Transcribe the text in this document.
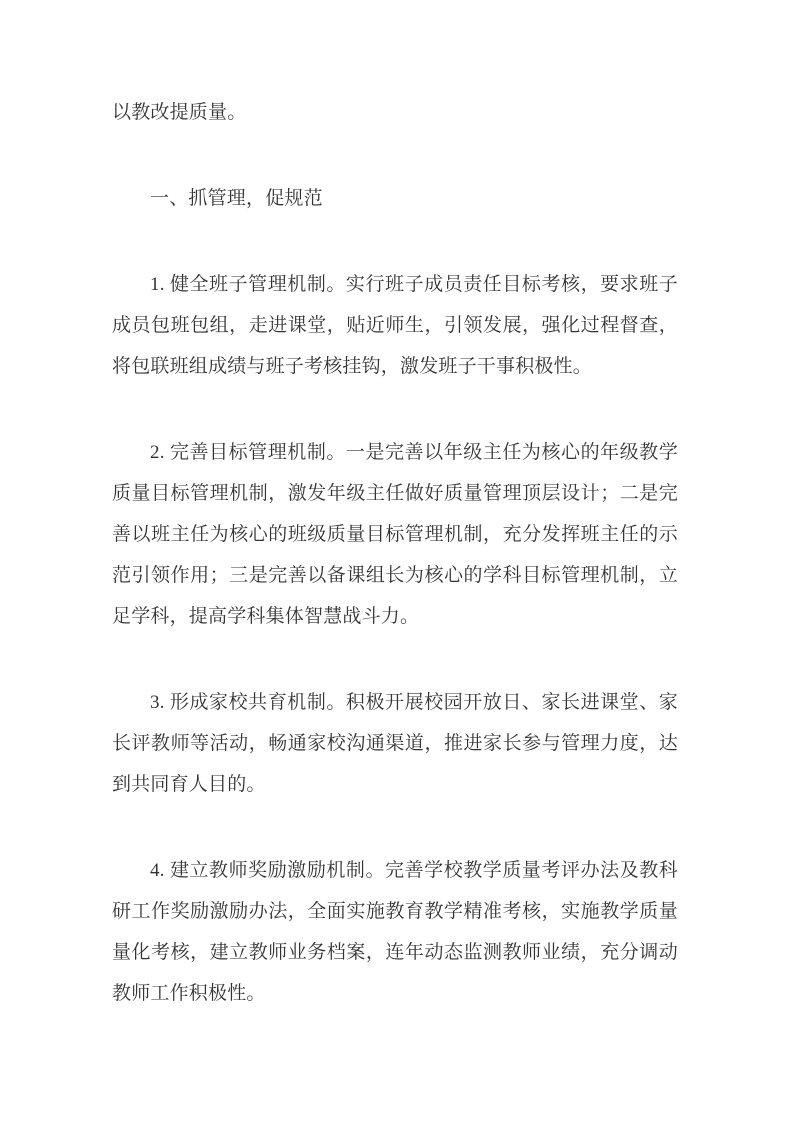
以教改提质量。

一、抓管理，促规范

1. 健全班子管理机制。实行班子成员责任目标考核，要求班子成员包班包组，走进课堂，贴近师生，引领发展，强化过程督查，将包联班组成绩与班子考核挂钩，激发班子干事积极性。

2. 完善目标管理机制。一是完善以年级主任为核心的年级教学质量目标管理机制，激发年级主任做好质量管理顶层设计；二是完善以班主任为核心的班级质量目标管理机制，充分发挥班主任的示范引领作用；三是完善以备课组长为核心的学科目标管理机制，立足学科，提高学科集体智慧战斗力。

3. 形成家校共育机制。积极开展校园开放日、家长进课堂、家长评教师等活动，畅通家校沟通渠道，推进家长参与管理力度，达到共同育人目的。

4. 建立教师奖励激励机制。完善学校教学质量考评办法及教科研工作奖励激励办法，全面实施教育教学精准考核，实施教学质量量化考核，建立教师业务档案，连年动态监测教师业绩，充分调动教师工作积极性。
